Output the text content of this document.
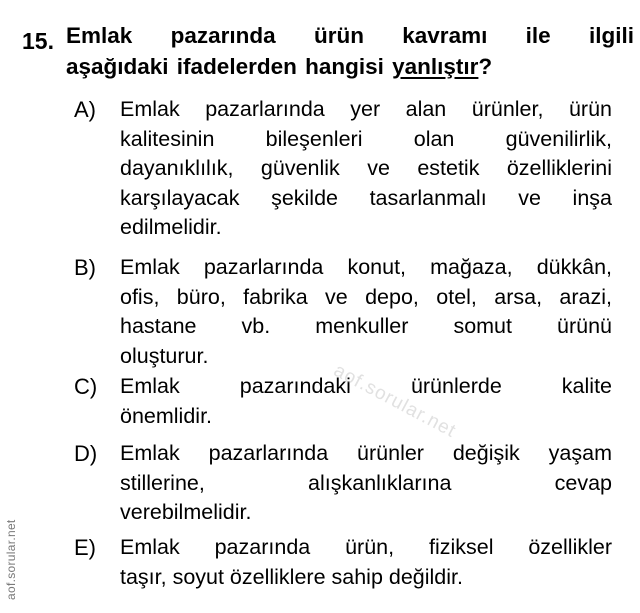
15. Emlak pazarında ürün kavramı ile ilgili
aşağıdaki ifadelerden hangisi yanlıştır?
A) Emlak pazarlarında yer alan ürünler, ürün
kalitesinin bileşenleri olan güvenilirlik,
dayanıklılık, güvenlik ve estetik özelliklerini
karşılayacak şekilde tasarlanmalı ve inşa
edilmelidir.
B) Emlak pazarlarında konut, mağaza, dükkân,
ofis, büro, fabrika ve depo, otel, arsa, arazi,
hastane vb. menkuller somut ürünü
oluşturur.
C) Emlak pazarındaki ürünlerde kalite
önemlidir.
D) Emlak pazarlarında ürünler değişik yaşam
stillerine, alışkanlıklarına cevap
verebilmelidir.
E) Emlak pazarında ürün, fiziksel özellikler
taşır, soyut özelliklere sahip değildir.
aof.sorular.net
aof.sorular.net
